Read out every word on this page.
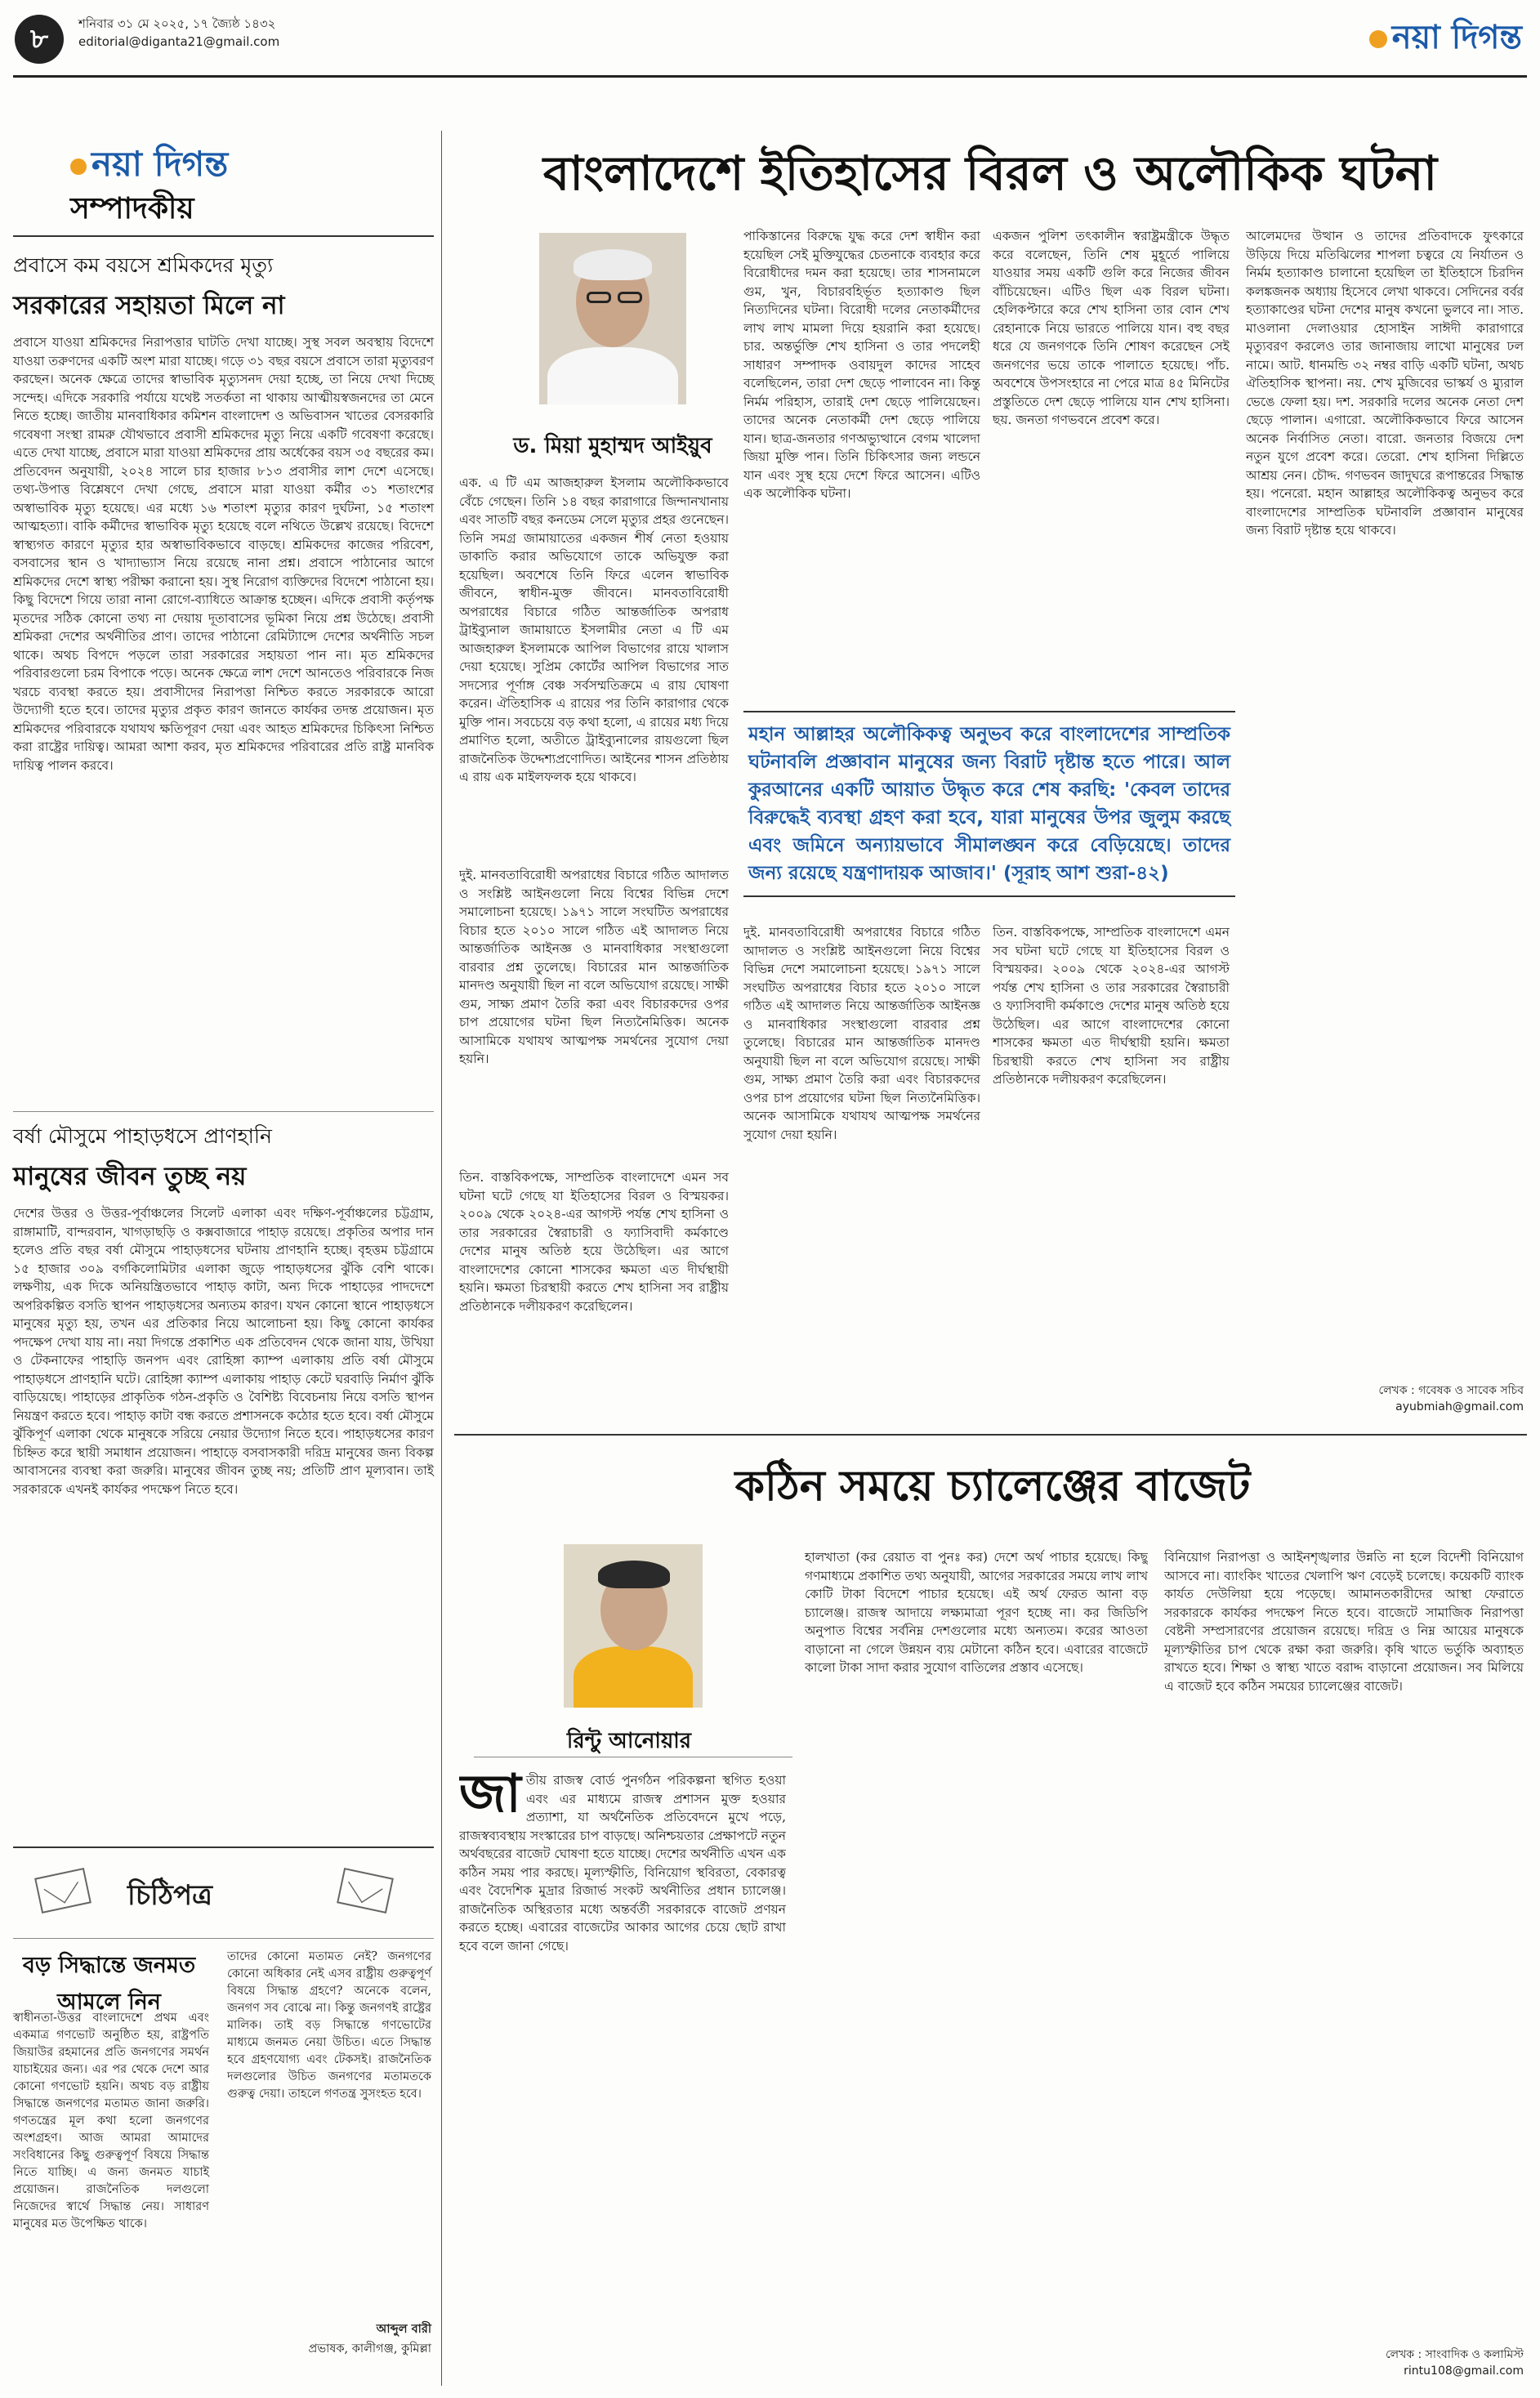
৮	শনিবার ৩১ মে ২০২৫, ১৭ জ্যৈষ্ঠ ১৪৩২
editorial@diganta21@gmail.com	নয়া দিগন্ত
নয়া দিগন্ত
সম্পাদকীয়
প্রবাসে কম বয়সে শ্রমিকদের মৃত্যু
সরকারের সহায়তা মিলে না

প্রবাসে যাওয়া শ্রমিকদের নিরাপত্তার ঘাটতি দেখা যাচ্ছে। সুস্থ সবল অবস্থায় বিদেশে যাওয়া তরুণদের একটি অংশ মারা যাচ্ছে। গড়ে ৩১ বছর বয়সে প্রবাসে তারা মৃত্যুবরণ করছেন। অনেক ক্ষেত্রে তাদের স্বাভাবিক মৃত্যুসনদ দেয়া হচ্ছে, তা নিয়ে দেখা দিচ্ছে সন্দেহ। এদিকে সরকারি পর্যায়ে যথেষ্ট সতর্কতা না থাকায় আত্মীয়স্বজনদের তা মেনে নিতে হচ্ছে। জাতীয় মানবাধিকার কমিশন বাংলাদেশ ও অভিবাসন খাতের বেসরকারি গবেষণা সংস্থা রামরু যৌথভাবে প্রবাসী শ্রমিকদের মৃত্যু নিয়ে একটি গবেষণা করেছে। এতে দেখা যাচ্ছে, প্রবাসে মারা যাওয়া শ্রমিকদের প্রায় অর্ধেকের বয়স ৩৫ বছরের কম। প্রতিবেদন অনুযায়ী, ২০২৪ সালে চার হাজার ৮১৩ প্রবাসীর লাশ দেশে এসেছে। তথ্য-উপাত্ত বিশ্লেষণে দেখা গেছে, প্রবাসে মারা যাওয়া কর্মীর ৩১ শতাংশের অস্বাভাবিক মৃত্যু হয়েছে। এর মধ্যে ১৬ শতাংশ মৃত্যুর কারণ দুর্ঘটনা, ১৫ শতাংশ আত্মহত্যা। বাকি কর্মীদের স্বাভাবিক মৃত্যু হয়েছে বলে নথিতে উল্লেখ রয়েছে। বিদেশে স্বাস্থ্যগত কারণে মৃত্যুর হার অস্বাভাবিকভাবে বাড়ছে। শ্রমিকদের কাজের পরিবেশ, বসবাসের স্থান ও খাদ্যাভ্যাস নিয়ে রয়েছে নানা প্রশ্ন। প্রবাসে পাঠানোর আগে শ্রমিকদের দেশে স্বাস্থ্য পরীক্ষা করানো হয়। সুস্থ নিরোগ ব্যক্তিদের বিদেশে পাঠানো হয়। কিছু বিদেশে গিয়ে তারা নানা রোগে-ব্যাধিতে আক্রান্ত হচ্ছেন। এদিকে প্রবাসী কর্তৃপক্ষ মৃতদের সঠিক কোনো তথ্য না দেয়ায় দূতাবাসের ভূমিকা নিয়ে প্রশ্ন উঠেছে। প্রবাসী শ্রমিকরা দেশের অর্থনীতির প্রাণ। তাদের পাঠানো রেমিট্যান্সে দেশের অর্থনীতি সচল থাকে। অথচ বিপদে পড়লে তারা সরকারের সহায়তা পান না। মৃত শ্রমিকদের পরিবারগুলো চরম বিপাকে পড়ে। অনেক ক্ষেত্রে লাশ দেশে আনতেও পরিবারকে নিজ খরচে ব্যবস্থা করতে হয়। প্রবাসীদের নিরাপত্তা নিশ্চিত করতে সরকারকে আরো উদ্যোগী হতে হবে। তাদের মৃত্যুর প্রকৃত কারণ জানতে কার্যকর তদন্ত প্রয়োজন। মৃত শ্রমিকদের পরিবারকে যথাযথ ক্ষতিপূরণ দেয়া এবং আহত শ্রমিকদের চিকিৎসা নিশ্চিত করা রাষ্ট্রের দায়িত্ব। আমরা আশা করব, মৃত শ্রমিকদের পরিবারের প্রতি রাষ্ট্র মানবিক দায়িত্ব পালন করবে।

বর্ষা মৌসুমে পাহাড়ধসে প্রাণহানি
মানুষের জীবন তুচ্ছ নয়

দেশের উত্তর ও উত্তর-পূর্বাঞ্চলের সিলেট এলাকা এবং দক্ষিণ-পূর্বাঞ্চলের চট্টগ্রাম, রাঙ্গামাটি, বান্দরবান, খাগড়াছড়ি ও কক্সবাজারে পাহাড় রয়েছে। প্রকৃতির অপার দান হলেও প্রতি বছর বর্ষা মৌসুমে পাহাড়ধসের ঘটনায় প্রাণহানি হচ্ছে। বৃহত্তম চট্টগ্রামে ১৫ হাজার ৩০৯ বর্গকিলোমিটার এলাকা জুড়ে পাহাড়ধসের ঝুঁকি বেশি থাকে। লক্ষণীয়, এক দিকে অনিয়ন্ত্রিতভাবে পাহাড় কাটা, অন্য দিকে পাহাড়ের পাদদেশে অপরিকল্পিত বসতি স্থাপন পাহাড়ধসের অন্যতম কারণ। যখন কোনো স্থানে পাহাড়ধসে মানুষের মৃত্যু হয়, তখন এর প্রতিকার নিয়ে আলোচনা হয়। কিছু কোনো কার্যকর পদক্ষেপ দেখা যায় না। নয়া দিগন্তে প্রকাশিত এক প্রতিবেদন থেকে জানা যায়, উখিয়া ও টেকনাফের পাহাড়ি জনপদ এবং রোহিঙ্গা ক্যাম্প এলাকায় প্রতি বর্ষা মৌসুমে পাহাড়ধসে প্রাণহানি ঘটে। রোহিঙ্গা ক্যাম্প এলাকায় পাহাড় কেটে ঘরবাড়ি নির্মাণ ঝুঁকি বাড়িয়েছে। পাহাড়ের প্রাকৃতিক গঠন-প্রকৃতি ও বৈশিষ্ট্য বিবেচনায় নিয়ে বসতি স্থাপন নিয়ন্ত্রণ করতে হবে। পাহাড় কাটা বন্ধ করতে প্রশাসনকে কঠোর হতে হবে। বর্ষা মৌসুমে ঝুঁকিপূর্ণ এলাকা থেকে মানুষকে সরিয়ে নেয়ার উদ্যোগ নিতে হবে। পাহাড়ধসের কারণ চিহ্নিত করে স্থায়ী সমাধান প্রয়োজন। পাহাড়ে বসবাসকারী দরিদ্র মানুষের জন্য বিকল্প আবাসনের ব্যবস্থা করা জরুরি। মানুষের জীবন তুচ্ছ নয়; প্রতিটি প্রাণ মূল্যবান। তাই সরকারকে এখনই কার্যকর পদক্ষেপ নিতে হবে।

চিঠিপত্র
বড় সিদ্ধান্তে জনমত আমলে নিন
স্বাধীনতা-উত্তর বাংলাদেশে প্রথম এবং একমাত্র গণভোট অনুষ্ঠিত হয়, রাষ্ট্রপতি জিয়াউর রহমানের প্রতি জনগণের সমর্থন যাচাইয়ের জন্য। এর পর থেকে দেশে আর কোনো গণভোট হয়নি। অথচ বড় রাষ্ট্রীয় সিদ্ধান্তে জনগণের মতামত জানা জরুরি। গণতন্ত্রের মূল কথা হলো জনগণের অংশগ্রহণ। আজ আমরা আমাদের সংবিধানের কিছু গুরুত্বপূর্ণ বিষয়ে সিদ্ধান্ত নিতে যাচ্ছি। এ জন্য জনমত যাচাই প্রয়োজন। রাজনৈতিক দলগুলো নিজেদের স্বার্থে সিদ্ধান্ত নেয়। সাধারণ মানুষের মত উপেক্ষিত থাকে।
তাদের কোনো মতামত নেই? জনগণের কোনো অধিকার নেই এসব রাষ্ট্রীয় গুরুত্বপূর্ণ বিষয়ে সিদ্ধান্ত গ্রহণে? অনেকে বলেন, জনগণ সব বোঝে না। কিন্তু জনগণই রাষ্ট্রের মালিক। তাই বড় সিদ্ধান্তে গণভোটের মাধ্যমে জনমত নেয়া উচিত। এতে সিদ্ধান্ত হবে গ্রহণযোগ্য এবং টেকসই। রাজনৈতিক দলগুলোর উচিত জনগণের মতামতকে গুরুত্ব দেয়া। তাহলে গণতন্ত্র সুসংহত হবে।
আব্দুল বারী
প্রভাষক, কালীগঞ্জ, কুমিল্লা
বাংলাদেশে ইতিহাসের বিরল ও অলৌকিক ঘটনা
ড. মিয়া মুহাম্মদ আইয়ুব
এক. এ টি এম আজহারুল ইসলাম অলৌকিকভাবে বেঁচে গেছেন। তিনি ১৪ বছর কারাগারে জিন্দানখানায় এবং সাতটি বছর কনডেম সেলে মৃত্যুর প্রহর গুনেছেন। তিনি সমগ্র জামায়াতের একজন শীর্ষ নেতা হওয়ায় ডাকাতি করার অভিযোগে তাকে অভিযুক্ত করা হয়েছিল। অবশেষে তিনি ফিরে এলেন স্বাভাবিক জীবনে, স্বাধীন-মুক্ত জীবনে। মানবতাবিরোধী অপরাধের বিচারে গঠিত আন্তর্জাতিক অপরাধ ট্রাইব্যুনাল জামায়াতে ইসলামীর নেতা এ টি এম আজহারুল ইসলামকে আপিল বিভাগের রায়ে খালাস দেয়া হয়েছে। সুপ্রিম কোর্টের আপিল বিভাগের সাত সদস্যের পূর্ণাঙ্গ বেঞ্চ সর্বসম্মতিক্রমে এ রায় ঘোষণা করেন। ঐতিহাসিক এ রায়ের পর তিনি কারাগার থেকে মুক্তি পান। সবচেয়ে বড় কথা হলো, এ রায়ের মধ্য দিয়ে প্রমাণিত হলো, অতীতে ট্রাইব্যুনালের রায়গুলো ছিল রাজনৈতিক উদ্দেশ্যপ্রণোদিত। আইনের শাসন প্রতিষ্ঠায় এ রায় এক মাইলফলক হয়ে থাকবে।
দুই. মানবতাবিরোধী অপরাধের বিচারে গঠিত আদালত ও সংশ্লিষ্ট আইনগুলো নিয়ে বিশ্বের বিভিন্ন দেশে সমালোচনা হয়েছে। ১৯৭১ সালে সংঘটিত অপরাধের বিচার হতে ২০১০ সালে গঠিত এই আদালত নিয়ে আন্তর্জাতিক আইনজ্ঞ ও মানবাধিকার সংস্থাগুলো বারবার প্রশ্ন তুলেছে। বিচারের মান আন্তর্জাতিক মানদণ্ড অনুযায়ী ছিল না বলে অভিযোগ রয়েছে। সাক্ষী গুম, সাক্ষ্য প্রমাণ তৈরি করা এবং বিচারকদের ওপর চাপ প্রয়োগের ঘটনা ছিল নিত্যনৈমিত্তিক। অনেক আসামিকে যথাযথ আত্মপক্ষ সমর্থনের সুযোগ দেয়া হয়নি।
তিন. বাস্তবিকপক্ষে, সাম্প্রতিক বাংলাদেশে এমন সব ঘটনা ঘটে গেছে যা ইতিহাসের বিরল ও বিস্ময়কর। ২০০৯ থেকে ২০২৪-এর আগস্ট পর্যন্ত শেখ হাসিনা ও তার সরকারের স্বৈরাচারী ও ফ্যাসিবাদী কর্মকাণ্ডে দেশের মানুষ অতিষ্ঠ হয়ে উঠেছিল। এর আগে বাংলাদেশের কোনো শাসকের ক্ষমতা এত দীর্ঘস্থায়ী হয়নি। ক্ষমতা চিরস্থায়ী করতে শেখ হাসিনা সব রাষ্ট্রীয় প্রতিষ্ঠানকে দলীয়করণ করেছিলেন।
পাকিস্তানের বিরুদ্ধে যুদ্ধ করে দেশ স্বাধীন করা হয়েছিল সেই মুক্তিযুদ্ধের চেতনাকে ব্যবহার করে বিরোধীদের দমন করা হয়েছে। তার শাসনামলে গুম, খুন, বিচারবহির্ভূত হত্যাকাণ্ড ছিল নিত্যদিনের ঘটনা। বিরোধী দলের নেতাকর্মীদের লাখ লাখ মামলা দিয়ে হয়রানি করা হয়েছে। চার. অন্তর্ভুক্তি শেখ হাসিনা ও তার পদলেহী সাধারণ সম্পাদক ওবায়দুল কাদের সাহেব বলেছিলেন, তারা দেশ ছেড়ে পালাবেন না। কিন্তু নির্মম পরিহাস, তারাই দেশ ছেড়ে পালিয়েছেন। তাদের অনেক নেতাকর্মী দেশ ছেড়ে পালিয়ে যান। ছাত্র-জনতার গণঅভ্যুত্থানে বেগম খালেদা জিয়া মুক্তি পান। তিনি চিকিৎসার জন্য লন্ডনে যান এবং সুস্থ হয়ে দেশে ফিরে আসেন। এটিও এক অলৌকিক ঘটনা।
একজন পুলিশ তৎকালীন স্বরাষ্ট্রমন্ত্রীকে উদ্ধৃত করে বলেছেন, তিনি শেষ মুহূর্তে পালিয়ে যাওয়ার সময় একটি গুলি করে নিজের জীবন বাঁচিয়েছেন। এটিও ছিল এক বিরল ঘটনা। হেলিকপ্টারে করে শেখ হাসিনা তার বোন শেখ রেহানাকে নিয়ে ভারতে পালিয়ে যান। বহু বছর ধরে যে জনগণকে তিনি শোষণ করেছেন সেই জনগণের ভয়ে তাকে পালাতে হয়েছে। পাঁচ. অবশেষে উপসংহারে না পেরে মাত্র ৪৫ মিনিটের প্রস্তুতিতে দেশ ছেড়ে পালিয়ে যান শেখ হাসিনা। ছয়. জনতা গণভবনে প্রবেশ করে।
মহান আল্লাহর অলৌকিকত্ব অনুভব করে বাংলাদেশের সাম্প্রতিক ঘটনাবলি প্রজ্ঞাবান মানুষের জন্য বিরাট দৃষ্টান্ত হতে পারে। আল কুরআনের একটি আয়াত উদ্ধৃত করে শেষ করছি: 'কেবল তাদের বিরুদ্ধেই ব্যবস্থা গ্রহণ করা হবে, যারা মানুষের উপর জুলুম করছে এবং জমিনে অন্যায়ভাবে সীমালঙ্ঘন করে বেড়িয়েছে। তাদের জন্য রয়েছে যন্ত্রণাদায়ক আজাব।' (সূরাহ আশ শুরা-৪২)
দুই. মানবতাবিরোধী অপরাধের বিচারে গঠিত আদালত ও সংশ্লিষ্ট আইনগুলো নিয়ে বিশ্বের বিভিন্ন দেশে সমালোচনা হয়েছে। ১৯৭১ সালে সংঘটিত অপরাধের বিচার হতে ২০১০ সালে গঠিত এই আদালত নিয়ে আন্তর্জাতিক আইনজ্ঞ ও মানবাধিকার সংস্থাগুলো বারবার প্রশ্ন তুলেছে। বিচারের মান আন্তর্জাতিক মানদণ্ড অনুযায়ী ছিল না বলে অভিযোগ রয়েছে। সাক্ষী গুম, সাক্ষ্য প্রমাণ তৈরি করা এবং বিচারকদের ওপর চাপ প্রয়োগের ঘটনা ছিল নিত্যনৈমিত্তিক। অনেক আসামিকে যথাযথ আত্মপক্ষ সমর্থনের সুযোগ দেয়া হয়নি।
তিন. বাস্তবিকপক্ষে, সাম্প্রতিক বাংলাদেশে এমন সব ঘটনা ঘটে গেছে যা ইতিহাসের বিরল ও বিস্ময়কর। ২০০৯ থেকে ২০২৪-এর আগস্ট পর্যন্ত শেখ হাসিনা ও তার সরকারের স্বৈরাচারী ও ফ্যাসিবাদী কর্মকাণ্ডে দেশের মানুষ অতিষ্ঠ হয়ে উঠেছিল। এর আগে বাংলাদেশের কোনো শাসকের ক্ষমতা এত দীর্ঘস্থায়ী হয়নি। ক্ষমতা চিরস্থায়ী করতে শেখ হাসিনা সব রাষ্ট্রীয় প্রতিষ্ঠানকে দলীয়করণ করেছিলেন।
আলেমদের উত্থান ও তাদের প্রতিবাদকে ফুৎকারে উড়িয়ে দিয়ে মতিঝিলের শাপলা চত্বরে যে নির্যাতন ও নির্মম হত্যাকাণ্ড চালানো হয়েছিল তা ইতিহাসে চিরদিন কলঙ্কজনক অধ্যায় হিসেবে লেখা থাকবে। সেদিনের বর্বর হত্যাকাণ্ডের ঘটনা দেশের মানুষ কখনো ভুলবে না। সাত. মাওলানা দেলাওয়ার হোসাইন সাঈদী কারাগারে মৃত্যুবরণ করলেও তার জানাজায় লাখো মানুষের ঢল নামে। আট. ধানমন্ডি ৩২ নম্বর বাড়ি একটি ঘটনা, অথচ ঐতিহাসিক স্থাপনা। নয়. শেখ মুজিবের ভাস্কর্য ও ম্যুরাল ভেঙে ফেলা হয়। দশ. সরকারি দলের অনেক নেতা দেশ ছেড়ে পালান। এগারো. অলৌকিকভাবে ফিরে আসেন অনেক নির্বাসিত নেতা। বারো. জনতার বিজয়ে দেশ নতুন যুগে প্রবেশ করে। তেরো. শেখ হাসিনা দিল্লিতে আশ্রয় নেন। চৌদ্দ. গণভবন জাদুঘরে রূপান্তরের সিদ্ধান্ত হয়। পনেরো. মহান আল্লাহর অলৌকিকত্ব অনুভব করে বাংলাদেশের সাম্প্রতিক ঘটনাবলি প্রজ্ঞাবান মানুষের জন্য বিরাট দৃষ্টান্ত হয়ে থাকবে।
লেখক : গবেষক ও সাবেক সচিব
ayubmiah@gmail.com
কঠিন সময়ে চ্যালেঞ্জের বাজেট
রিন্টু আনোয়ার
জাতীয় রাজস্ব বোর্ড পুনর্গঠন পরিকল্পনা স্থগিত হওয়া এবং এর মাধ্যমে রাজস্ব প্রশাসন মুক্ত হওয়ার প্রত্যাশা, যা অর্থনৈতিক প্রতিবেদনে মুখে পড়ে, রাজস্বব্যবস্থায় সংস্কারের চাপ বাড়ছে। অনিশ্চয়তার প্রেক্ষাপটে নতুন অর্থবছরের বাজেট ঘোষণা হতে যাচ্ছে। দেশের অর্থনীতি এখন এক কঠিন সময় পার করছে। মূল্যস্ফীতি, বিনিয়োগ স্থবিরতা, বেকারত্ব এবং বৈদেশিক মুদ্রার রিজার্ভ সংকট অর্থনীতির প্রধান চ্যালেঞ্জ। রাজনৈতিক অস্থিরতার মধ্যে অন্তর্বর্তী সরকারকে বাজেট প্রণয়ন করতে হচ্ছে। এবারের বাজেটের আকার আগের চেয়ে ছোট রাখা হবে বলে জানা গেছে।
হালখাতা (কর রেয়াত বা পুনঃ কর) দেশে অর্থ পাচার হয়েছে। কিছু গণমাধ্যমে প্রকাশিত তথ্য অনুযায়ী, আগের সরকারের সময়ে লাখ লাখ কোটি টাকা বিদেশে পাচার হয়েছে। এই অর্থ ফেরত আনা বড় চ্যালেঞ্জ। রাজস্ব আদায়ে লক্ষ্যমাত্রা পূরণ হচ্ছে না। কর জিডিপি অনুপাত বিশ্বের সর্বনিম্ন দেশগুলোর মধ্যে অন্যতম। করের আওতা বাড়ানো না গেলে উন্নয়ন ব্যয় মেটানো কঠিন হবে। এবারের বাজেটে কালো টাকা সাদা করার সুযোগ বাতিলের প্রস্তাব এসেছে।
বিনিয়োগ নিরাপত্তা ও আইনশৃঙ্খলার উন্নতি না হলে বিদেশী বিনিয়োগ আসবে না। ব্যাংকিং খাতের খেলাপি ঋণ বেড়েই চলেছে। কয়েকটি ব্যাংক কার্যত দেউলিয়া হয়ে পড়েছে। আমানতকারীদের আস্থা ফেরাতে সরকারকে কার্যকর পদক্ষেপ নিতে হবে। বাজেটে সামাজিক নিরাপত্তা বেষ্টনী সম্প্রসারণের প্রয়োজন রয়েছে। দরিদ্র ও নিম্ন আয়ের মানুষকে মূল্যস্ফীতির চাপ থেকে রক্ষা করা জরুরি। কৃষি খাতে ভর্তুকি অব্যাহত রাখতে হবে। শিক্ষা ও স্বাস্থ্য খাতে বরাদ্দ বাড়ানো প্রয়োজন। সব মিলিয়ে এ বাজেট হবে কঠিন সময়ের চ্যালেঞ্জের বাজেট।
লেখক : সাংবাদিক ও কলামিস্ট
rintu108@gmail.com
